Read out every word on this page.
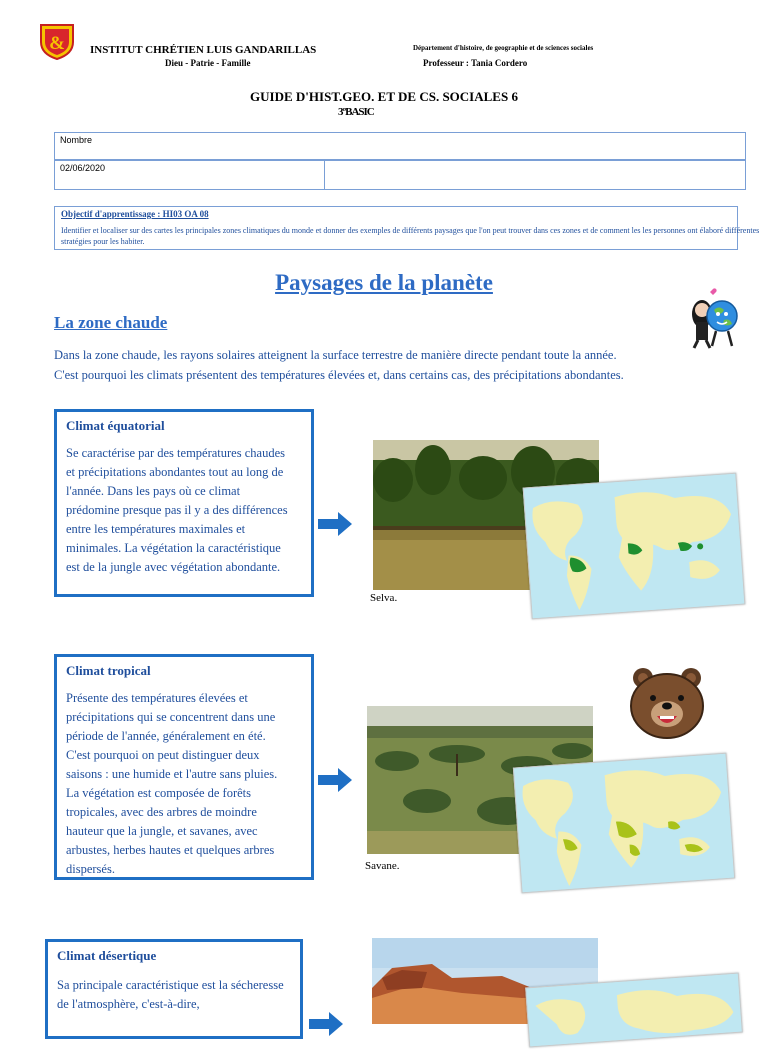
& INSTITUT CHRÉTIEN LUIS GANDARILLAS
Dieu - Patrie - Famille
Département d'histoire, de geographie et de sciences sociales
Professeur : Tania Cordero
GUIDE D'HIST.GEO. ET DE CS. SOCIALES 6
3ºBASIC
Nombre
02/06/2020
Objectif d'apprentissage : HI03 OA 08
Identifier et localiser sur des cartes les principales zones climatiques du monde et donner des exemples de différents paysages que l'on peut trouver dans ces zones et de comment les les personnes ont élaboré différentes stratégies pour les habiter.
Paysages de la planète
La zone chaude
Dans la zone chaude, les rayons solaires atteignent la surface terrestre de manière directe pendant toute la année. C'est pourquoi les climats présentent des températures élevées et, dans certains cas, des précipitations abondantes.
Climat équatorial
Se caractérise par des températures chaudes et précipitations abondantes tout au long de l'année. Dans les pays où ce climat prédomine presque pas il y a des différences entre les températures maximales et minimales. La végétation la caractéristique est de la jungle avec végétation abondante.
Selva.
Climat tropical
Présente des températures élevées et précipitations qui se concentrent dans une période de l'année, généralement en été. C'est pourquoi on peut distinguer deux saisons : une humide et l'autre sans pluies. La végétation est composée de forêts tropicales, avec des arbres de moindre hauteur que la jungle, et savanes, avec arbustes, herbes hautes et quelques arbres dispersés.	Savane.
Climat désertique
Sa principale caractéristique est la sécheresse de l'atmosphère, c'est-à-dire,
